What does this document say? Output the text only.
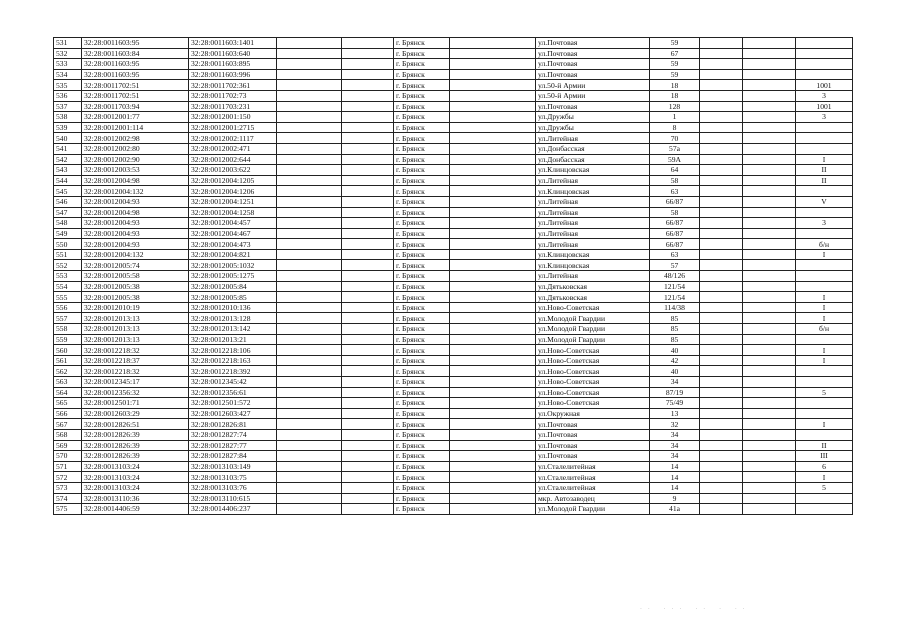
531	32:28:0011603:95	32:28:0011603:1401			г. Брянск		ул.Почтовая	59			
532	32:28:0011603:84	32:28:0011603:640			г. Брянск		ул.Почтовая	67			
533	32:28:0011603:95	32:28:0011603:895			г. Брянск		ул.Почтовая	59			
534	32:28:0011603:95	32:28:0011603:996			г. Брянск		ул.Почтовая	59			
535	32:28:0011702:51	32:28:0011702:361			г. Брянск		ул.50-й Армии	18			1001
536	32:28:0011702:51	32:28:0011702:73			г. Брянск		ул.50-й Армии	18			3
537	32:28:0011703:94	32:28:0011703:231			г. Брянск		ул.Почтовая	128			1001
538	32:28:0012001:77	32:28:0012001:150			г. Брянск		ул.Дружбы	1			3
539	32:28:0012001:114	32:28:0012001:2715			г. Брянск		ул.Дружбы	8			
540	32:28:0012002:98	32:28:0012002:1117			г. Брянск		ул.Литейная	70			
541	32:28:0012002:80	32:28:0012002:471			г. Брянск		ул.Донбасская	57а			
542	32:28:0012002:90	32:28:0012002:644			г. Брянск		ул.Донбасская	59А			I
543	32:28:0012003:53	32:28:0012003:622			г. Брянск		ул.Клинцовская	64			II
544	32:28:0012004:98	32:28:0012004:1205			г. Брянск		ул.Литейная	58			II
545	32:28:0012004:132	32:28:0012004:1206			г. Брянск		ул.Клинцовская	63			
546	32:28:0012004:93	32:28:0012004:1251			г. Брянск		ул.Литейная	66/87			V
547	32:28:0012004:98	32:28:0012004:1258			г. Брянск		ул.Литейная	58			
548	32:28:0012004:93	32:28:0012004:457			г. Брянск		ул.Литейная	66/87			3
549	32:28:0012004:93	32:28:0012004:467			г. Брянск		ул.Литейная	66/87			
550	32:28:0012004:93	32:28:0012004:473			г. Брянск		ул.Литейная	66/87			б/н
551	32:28:0012004:132	32:28:0012004:821			г. Брянск		ул.Клинцовская	63			I
552	32:28:0012005:74	32:28:0012005:1032			г. Брянск		ул.Клинцовская	57			
553	32:28:0012005:58	32:28:0012005:1275			г. Брянск		ул.Литейная	48/126			
554	32:28:0012005:38	32:28:0012005:84			г. Брянск		ул.Дятьковская	121/54			
555	32:28:0012005:38	32:28:0012005:85			г. Брянск		ул.Дятьковская	121/54			I
556	32:28:0012010:19	32:28:0012010:136			г. Брянск		ул.Ново-Советская	114/38			I
557	32:28:0012013:13	32:28:0012013:128			г. Брянск		ул.Молодой Гвардии	85			I
558	32:28:0012013:13	32:28:0012013:142			г. Брянск		ул.Молодой Гвардии	85			б/н
559	32:28:0012013:13	32:28:0012013:21			г. Брянск		ул.Молодой Гвардии	85			
560	32:28:0012218:32	32:28:0012218:106			г. Брянск		ул.Ново-Советская	40			I
561	32:28:0012218:37	32:28:0012218:163			г. Брянск		ул.Ново-Советская	42			I
562	32:28:0012218:32	32:28:0012218:392			г. Брянск		ул.Ново-Советская	40			
563	32:28:0012345:17	32:28:0012345:42			г. Брянск		ул.Ново-Советская	34			
564	32:28:0012356:32	32:28:0012356:61			г. Брянск		ул.Ново-Советская	87/19			5
565	32:28:0012501:71	32:28:0012501:572			г. Брянск		ул.Ново-Советская	75/49			
566	32:28:0012603:29	32:28:0012603:427			г. Брянск		ул.Окружная	13			
567	32:28:0012826:51	32:28:0012826:81			г. Брянск		ул.Почтовая	32			I
568	32:28:0012826:39	32:28:0012827:74			г. Брянск		ул.Почтовая	34			
569	32:28:0012826:39	32:28:0012827:77			г. Брянск		ул.Почтовая	34			II
570	32:28:0012826:39	32:28:0012827:84			г. Брянск		ул.Почтовая	34			III
571	32:28:0013103:24	32:28:0013103:149			г. Брянск		ул.Сталелитейная	14			6
572	32:28:0013103:24	32:28:0013103:75			г. Брянск		ул.Сталелитейная	14			I
573	32:28:0013103:24	32:28:0013103:76			г. Брянск		ул.Сталелитейная	14			5
574	32:28:0013110:36	32:28:0013110:615			г. Брянск		мкр. Автозаводец	9			
575	32:28:0014406:59	32:28:0014406:237			г. Брянск		ул.Молодой Гвардии	41а			
·· ··· ·· · ··
